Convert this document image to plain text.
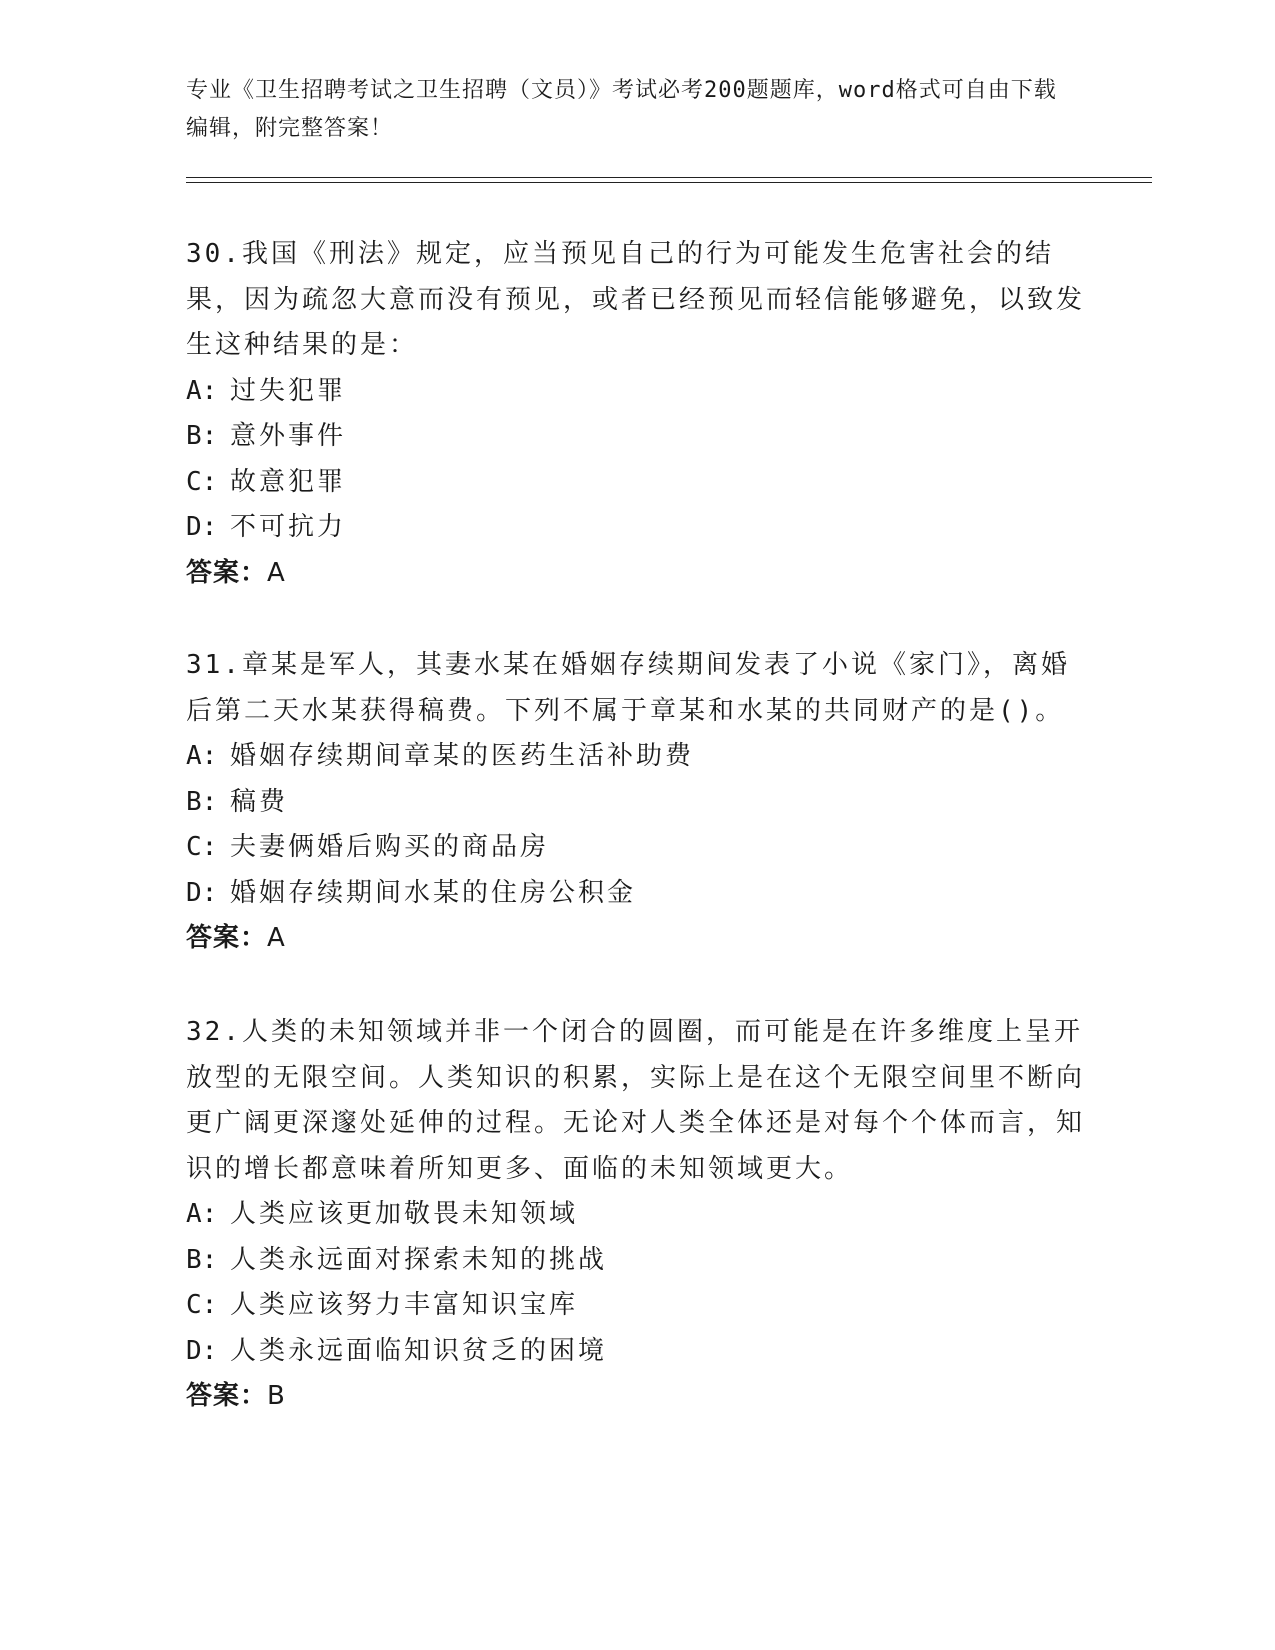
专业《卫生招聘考试之卫生招聘（文员）》考试必考200题题库，word格式可自由下载编辑，附完整答案！

30.我国《刑法》规定，应当预见自己的行为可能发生危害社会的结果，因为疏忽大意而没有预见，或者已经预见而轻信能够避免，以致发生这种结果的是：

A: 过失犯罪
B: 意外事件
C: 故意犯罪
D: 不可抗力
答案：A

31.章某是军人，其妻水某在婚姻存续期间发表了小说《家门》，离婚后第二天水某获得稿费。下列不属于章某和水某的共同财产的是()。

A: 婚姻存续期间章某的医药生活补助费
B: 稿费
C: 夫妻俩婚后购买的商品房
D: 婚姻存续期间水某的住房公积金
答案：A

32.人类的未知领域并非一个闭合的圆圈，而可能是在许多维度上呈开放型的无限空间。人类知识的积累，实际上是在这个无限空间里不断向更广阔更深邃处延伸的过程。无论对人类全体还是对每个个体而言，知识的增长都意味着所知更多、面临的未知领域更大。

A: 人类应该更加敬畏未知领域
B: 人类永远面对探索未知的挑战
C: 人类应该努力丰富知识宝库
D: 人类永远面临知识贫乏的困境
答案：B
